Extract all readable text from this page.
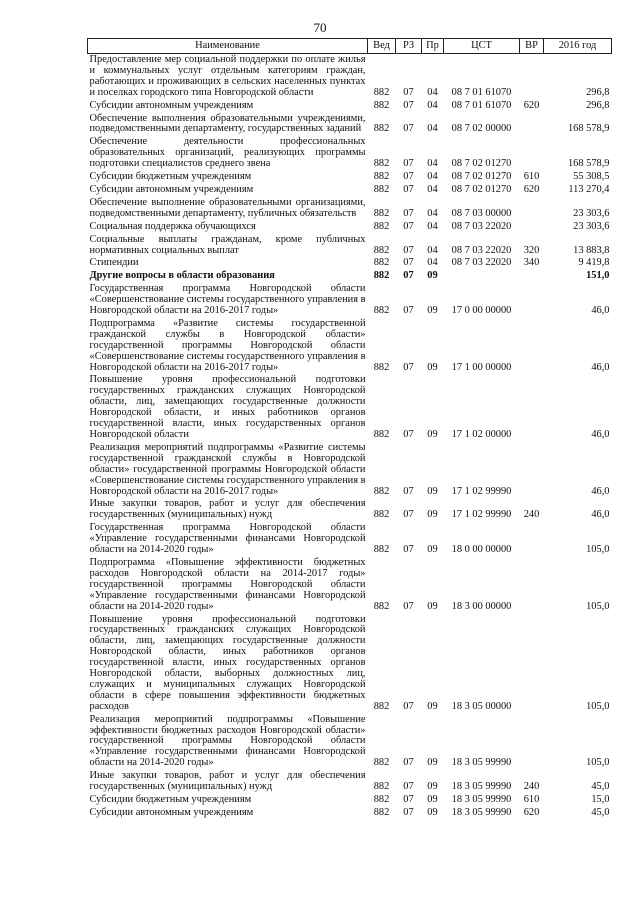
70
Наименование	Вед	РЗ	Пр	ЦСТ	ВР	2016 год
Предоставление мер социальной поддержки по оплате жилья и коммунальных услуг отдельным категориям граждан, работающих и проживающих в сельских населенных пунктах и поселках городского типа Новгородской области	882	07	04	08 7 01 61070		296,8
Субсидии автономным учреждениям	882	07	04	08 7 01 61070	620	296,8
Обеспечение выполнения образовательными учреждениями, подведомственными департаменту, государственных заданий	882	07	04	08 7 02 00000		168 578,9
Обеспечение деятельности профессиональных образовательных организаций, реализующих программы подготовки специалистов среднего звена	882	07	04	08 7 02 01270		168 578,9
Субсидии бюджетным учреждениям	882	07	04	08 7 02 01270	610	55 308,5
Субсидии автономным учреждениям	882	07	04	08 7 02 01270	620	113 270,4
Обеспечение выполнение образовательными организациями, подведомственными департаменту, публичных обязательств	882	07	04	08 7 03 00000		23 303,6
Социальная поддержка обучающихся	882	07	04	08 7 03 22020		23 303,6
Социальные выплаты гражданам, кроме публичных нормативных социальных выплат	882	07	04	08 7 03 22020	320	13 883,8
Стипендии	882	07	04	08 7 03 22020	340	9 419,8
Другие вопросы в области образования	882	07	09			151,0
Государственная программа Новгородской области «Совершенствование системы государственного управления в Новгородской области на 2016-2017 годы»	882	07	09	17 0 00 00000		46,0
Подпрограмма «Развитие системы государственной гражданской службы в Новгородской области» государственной программы Новгородской области «Совершенствование системы государственного управления в Новгородской области на 2016-2017 годы»	882	07	09	17 1 00 00000		46,0
Повышение уровня профессиональной подготовки государственных гражданских служащих Новгородской области, лиц, замещающих государственные должности Новгородской области, и иных работников органов государственной власти, иных государственных органов Новгородской области	882	07	09	17 1 02 00000		46,0
Реализация мероприятий подпрограммы «Развитие системы государственной гражданской службы в Новгородской области» государственной программы Новгородской области «Совершенствование системы государственного управления в Новгородской области на 2016-2017 годы»	882	07	09	17 1 02 99990		46,0
Иные закупки товаров, работ и услуг для обеспечения государственных (муниципальных) нужд	882	07	09	17 1 02 99990	240	46,0
Государственная программа Новгородской области «Управление государственными финансами Новгородской области на 2014-2020 годы»	882	07	09	18 0 00 00000		105,0
Подпрограмма «Повышение эффективности бюджетных расходов Новгородской области на 2014-2017 годы» государственной программы Новгородской области «Управление государственными финансами Новгородской области на 2014-2020 годы»	882	07	09	18 3 00 00000		105,0
Повышение уровня профессиональной подготовки государственных гражданских служащих Новгородской области, лиц, замещающих государственные должности Новгородской области, иных работников органов государственной власти, иных государственных органов Новгородской области, выборных должностных лиц, служащих и муниципальных служащих Новгородской области в сфере повышения эффективности бюджетных расходов	882	07	09	18 3 05 00000		105,0
Реализация мероприятий подпрограммы «Повышение эффективности бюджетных расходов Новгородской области» государственной программы Новгородской области «Управление государственными финансами Новгородской области на 2014-2020 годы»	882	07	09	18 3 05 99990		105,0
Иные закупки товаров, работ и услуг для обеспечения государственных (муниципальных) нужд	882	07	09	18 3 05 99990	240	45,0
Субсидии бюджетным учреждениям	882	07	09	18 3 05 99990	610	15,0
Субсидии автономным учреждениям	882	07	09	18 3 05 99990	620	45,0
